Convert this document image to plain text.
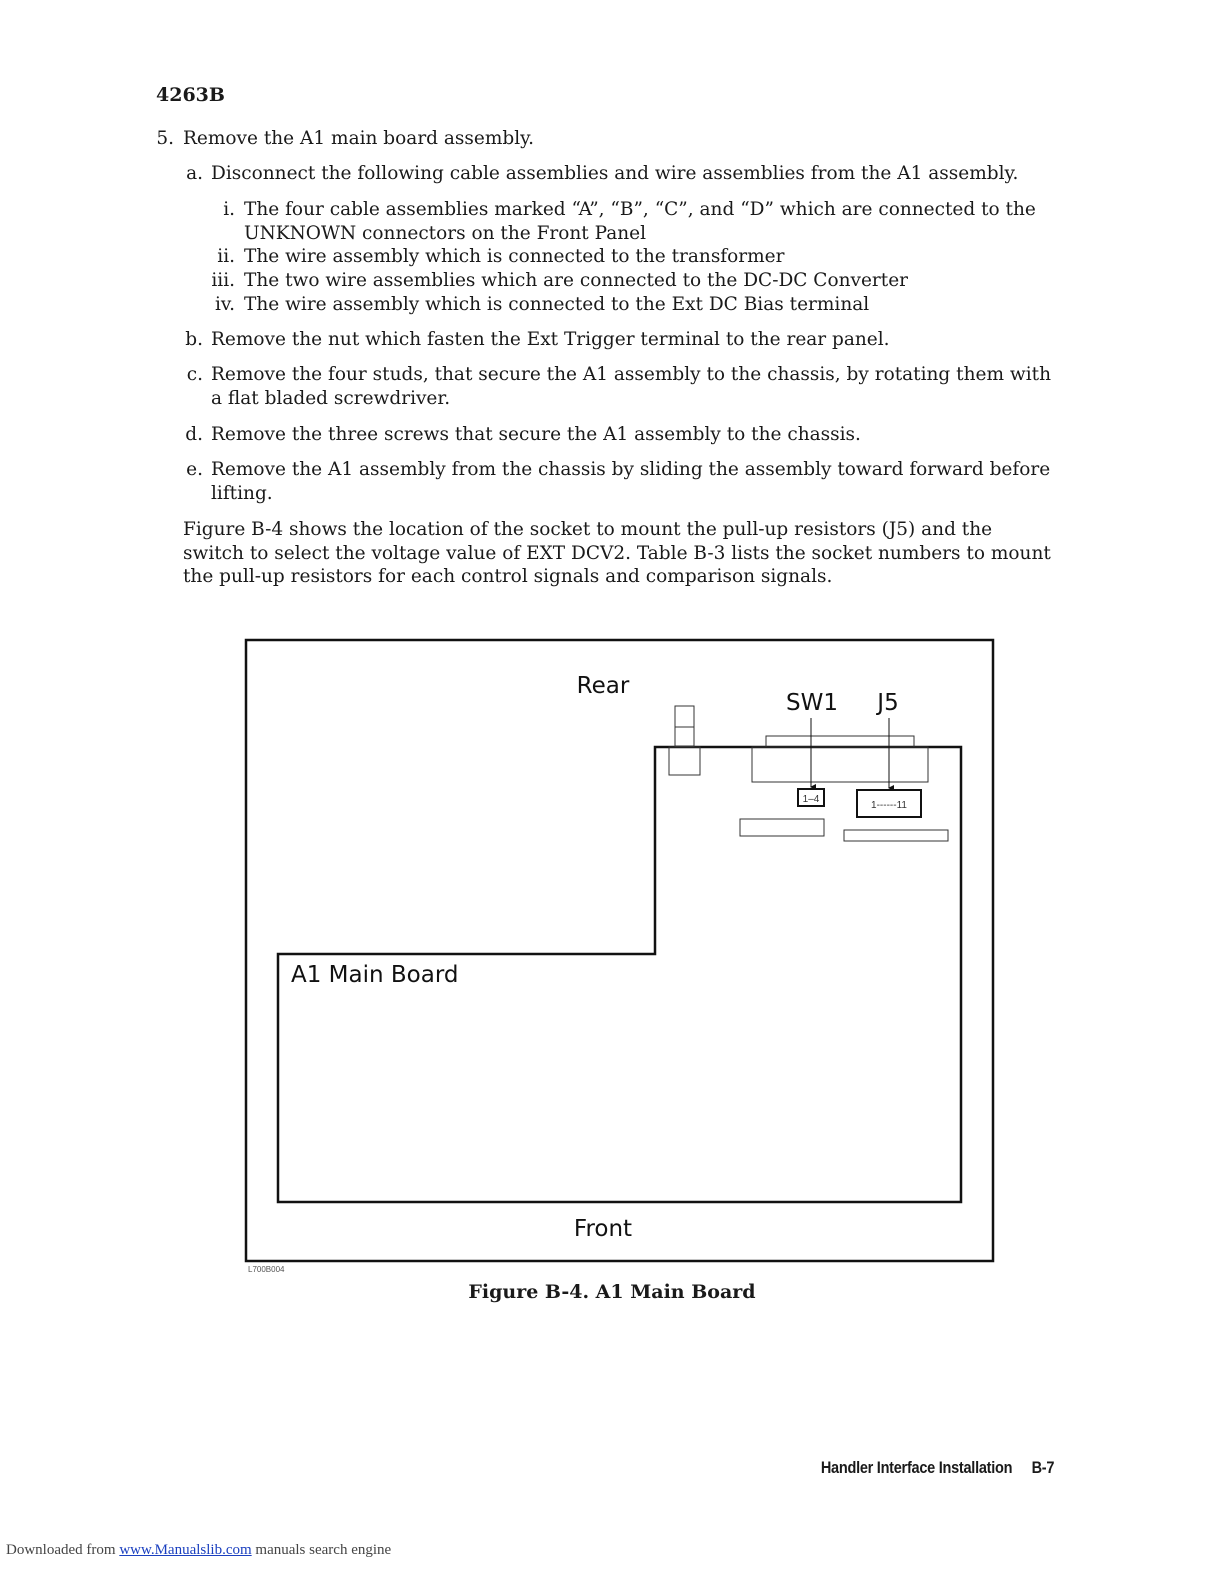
4263B
5. Remove the A1 main board assembly.
a. Disconnect the following cable assemblies and wire assemblies from the A1 assembly.
i. The four cable assemblies marked “A”, “B”, “C”, and “D” which are connected to the
UNKNOWN connectors on the Front Panel
ii. The wire assembly which is connected to the transformer
iii. The two wire assemblies which are connected to the DC-DC Converter
iv. The wire assembly which is connected to the Ext DC Bias terminal
b. Remove the nut which fasten the Ext Trigger terminal to the rear panel.
c. Remove the four studs, that secure the A1 assembly to the chassis, by rotating them with
a flat bladed screwdriver.
d. Remove the three screws that secure the A1 assembly to the chassis.
e. Remove the A1 assembly from the chassis by sliding the assembly toward forward before
lifting.
Figure B-4 shows the location of the socket to mount the pull-up resistors (J5) and the
switch to select the voltage value of EXT DCV2. Table B-3 lists the socket numbers to mount
the pull-up resistors for each control signals and comparison signals.
1–4
1------11
Rear
SW1 J5
A1 Main Board
Front
L700B004
Figure B-4. A1 Main Board
Handler Interface Installation B-7
Downloaded from www.Manualslib.com manuals search engine
